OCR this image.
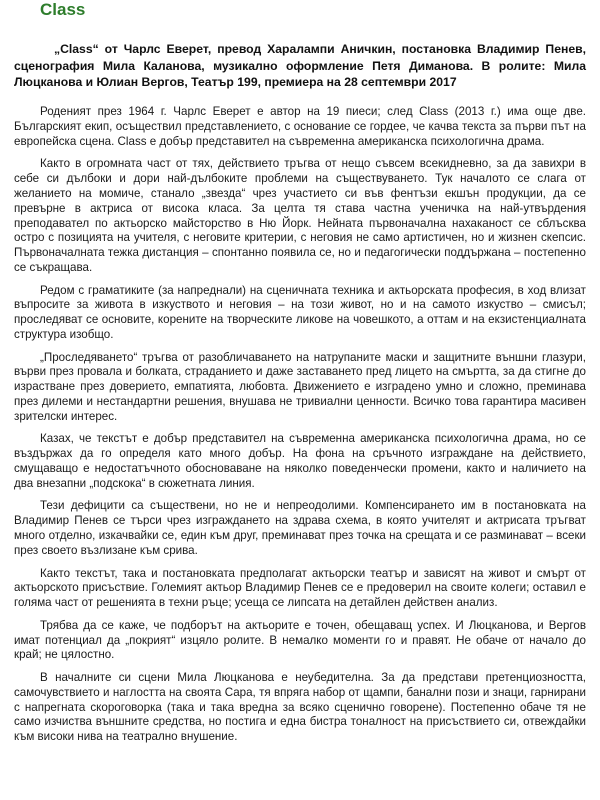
Class

„Class“ от Чарлс Еверет, превод Харалампи Аничкин, постановка Владимир Пенев, сценография Мила Каланова, музикално оформление Петя Диманова. В ролите: Мила Люцканова и Юлиан Вергов, Театър 199, премиера на 28 септември 2017

Роденият през 1964 г. Чарлс Еверет е автор на 19 пиеси; след Class (2013 г.) има още две. Българският екип, осъществил представлението, с основание се гордее, че качва текста за първи път на европейска сцена. Class е добър представител на съвременна американска психологична драма.

Както в огромната част от тях, действието тръгва от нещо съвсем всекидневно, за да завихри в себе си дълбоки и дори най-дълбоките проблеми на съществуването. Тук началото се слага от желанието на момиче, станало „звезда“ чрез участието си във фентъзи екшън продукции, да се превърне в актриса от висока класа. За целта тя става частна ученичка на най-утвърдения преподавател по актьорско майсторство в Ню Йорк. Нейната първоначална нахаканост се сблъсква остро с позицията на учителя, с неговите критерии, с неговия не само артистичен, но и жизнен скепсис. Първоначалната тежка дистанция – спонтанно появила се, но и педагогически поддържана – постепенно се съкращава.

Редом с граматиките (за напреднали) на сценичната техника и актьорската професия, в ход влизат въпросите за живота в изкуството и неговия – на този живот, но и на самото изкуство – смисъл; проследяват се основите, корените на творческите ликове на човешкото, а оттам и на екзистенциалната структура изобщо.

„Проследяването“ тръгва от разобличаването на натрупаните маски и защитните външни глазури, върви през провала и болката, страданието и даже заставането пред лицето на смъртта, за да стигне до израстване през доверието, емпатията, любовта. Движението е изградено умно и сложно, преминава през дилеми и нестандартни решения, внушава не тривиални ценности. Всичко това гарантира масивен зрителски интерес.

Казах, че текстът е добър представител на съвременна американска психологична драма, но се въздържах да го определя като много добър. На фона на сръчното изграждане на действието, смущаващо е недостатъчното обосноваване на няколко поведенчески промени, както и наличието на два внезапни „подскока“ в сюжетната линия.

Тези дефицити са съществени, но не и непреодолими. Компенсирането им в постановката на Владимир Пенев се търси чрез изграждането на здрава схема, в която учителят и актрисата тръгват много отделно, изкачвайки се, един към друг, преминават през точка на срещата и се разминават – всеки през своето възлизане към срива.

Както текстът, така и постановката предполагат актьорски театър и зависят на живот и смърт от актьорското присъствие. Големият актьор Владимир Пенев се е предоверил на своите колеги; оставил е голяма част от решенията в техни ръце; усеща се липсата на детайлен действен анализ.

Трябва да се каже, че подборът на актьорите е точен, обещаващ успех. И Люцканова, и Вергов имат потенциал да „покрият“ изцяло ролите. В немалко моменти го и правят. Не обаче от начало до край; не цялостно.

В началните си сцени Мила Люцканова е неубедителна. За да представи претенциозността, самочувствието и наглостта на своята Сара, тя впряга набор от щампи, банални пози и знаци, гарнирани с напрегната скороговорка (така и така вредна за всяко сценично говорене). Постепенно обаче тя не само изчиства външните средства, но постига и една бистра тоналност на присъствието си, отвеждайки към високи нива на театрално внушение.
